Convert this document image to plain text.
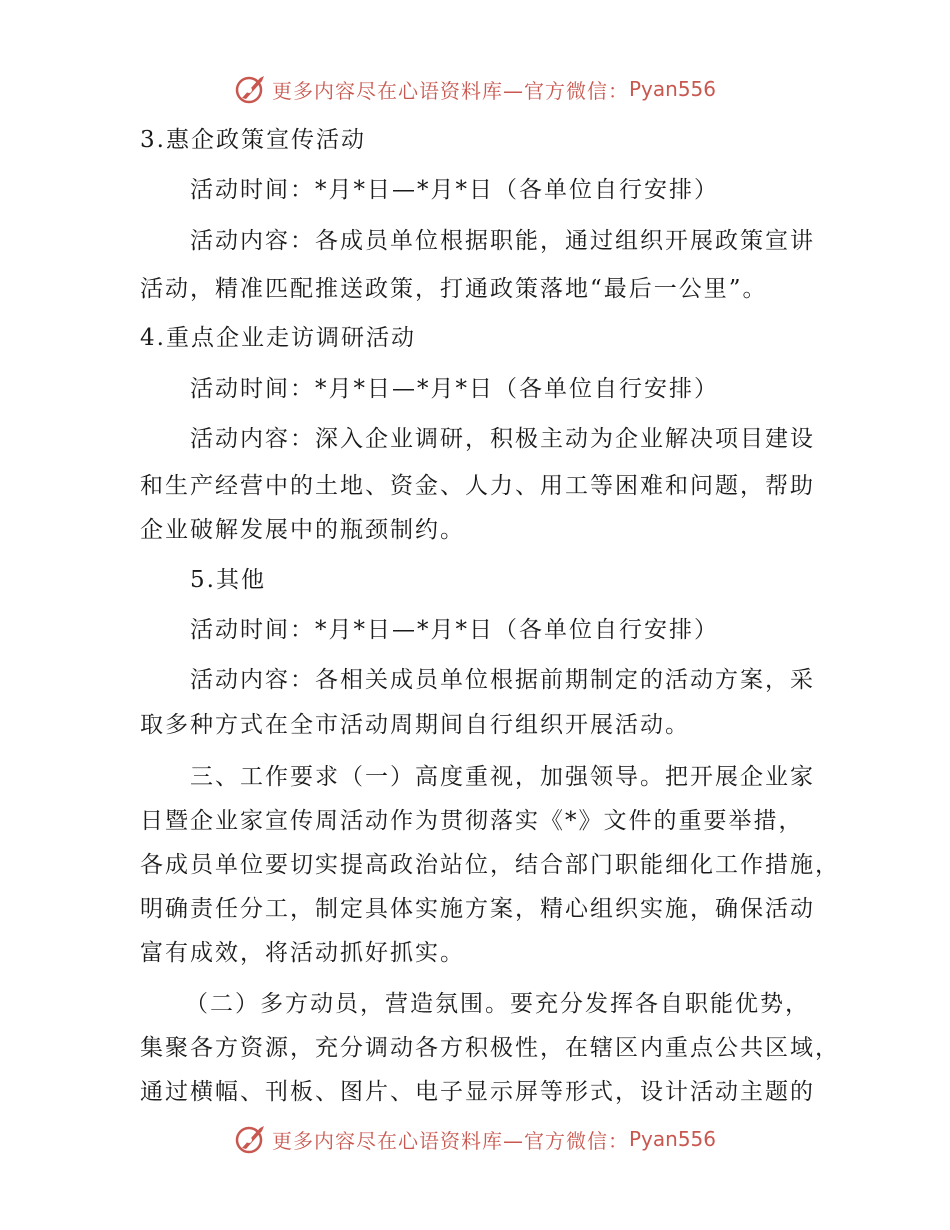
更多内容尽在心语资料库—官方微信： Pyan556
3.惠企政策宣传活动
活动时间：*月*日—*月*日（各单位自行安排）
活动内容：各成员单位根据职能，通过组织开展政策宣讲
活动，精准匹配推送政策，打通政策落地“最后一公里”。
4.重点企业走访调研活动
活动时间：*月*日—*月*日（各单位自行安排）
活动内容：深入企业调研，积极主动为企业解决项目建设
和生产经营中的土地、资金、人力、用工等困难和问题，帮助
企业破解发展中的瓶颈制约。
5.其他
活动时间：*月*日—*月*日（各单位自行安排）
活动内容：各相关成员单位根据前期制定的活动方案，采
取多种方式在全市活动周期间自行组织开展活动。
三、工作要求（一）高度重视，加强领导。把开展企业家
日暨企业家宣传周活动作为贯彻落实《*》文件的重要举措，
各成员单位要切实提高政治站位，结合部门职能细化工作措施，
明确责任分工，制定具体实施方案，精心组织实施，确保活动
富有成效，将活动抓好抓实。
（二）多方动员，营造氛围。要充分发挥各自职能优势，
集聚各方资源，充分调动各方积极性，在辖区内重点公共区域，
通过横幅、刊板、图片、电子显示屏等形式，设计活动主题的
更多内容尽在心语资料库—官方微信： Pyan556
